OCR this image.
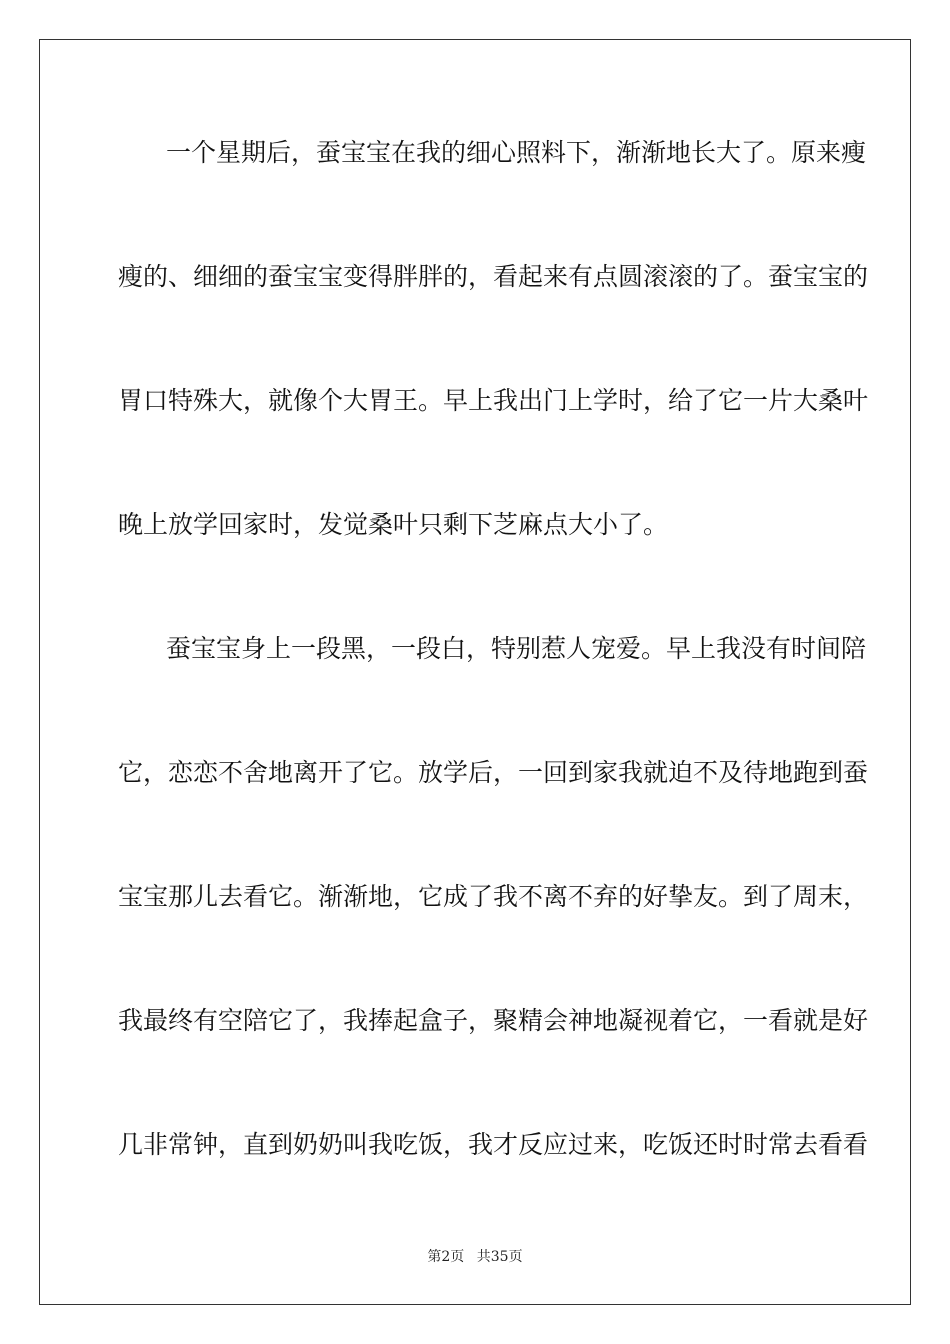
一个星期后，蚕宝宝在我的细心照料下，渐渐地长大了。原来瘦
瘦的、细细的蚕宝宝变得胖胖的，看起来有点圆滚滚的了。蚕宝宝的
胃口特殊大，就像个大胃王。早上我出门上学时，给了它一片大桑叶
晚上放学回家时，发觉桑叶只剩下芝麻点大小了。
蚕宝宝身上一段黑，一段白，特别惹人宠爱。早上我没有时间陪
它，恋恋不舍地离开了它。放学后，一回到家我就迫不及待地跑到蚕
宝宝那儿去看它。渐渐地，它成了我不离不弃的好挚友。到了周末，
我最终有空陪它了，我捧起盒子，聚精会神地凝视着它，一看就是好
几非常钟，直到奶奶叫我吃饭，我才反应过来，吃饭还时时常去看看
第2页 共35页
